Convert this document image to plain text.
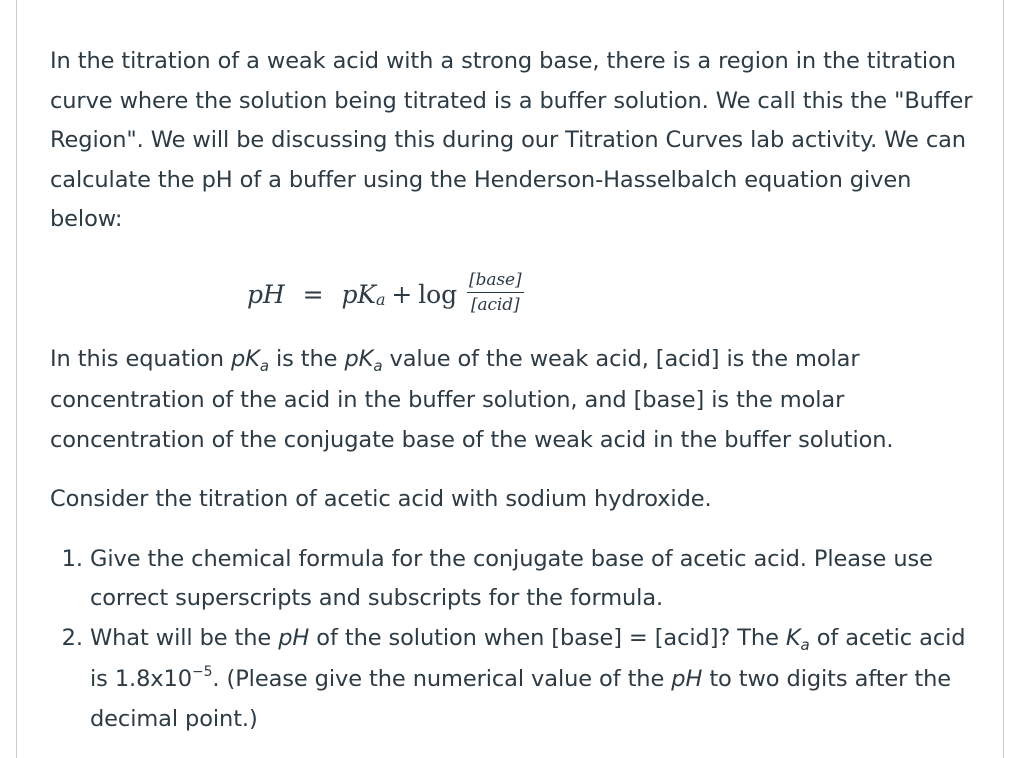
In the titration of a weak acid with a strong base, there is a region in the titration curve where the solution being titrated is a buffer solution. We call this the "Buffer Region". We will be discussing this during our Titration Curves lab activity. We can calculate the pH of a buffer using the Henderson-Hasselbalch equation given below:

pH = pK $a + \log \frac{\text{[base]}}{\text{[acid]}}$

In this equation $pK_a$ is the $pK_a$ value of the weak acid, [acid] is the molar concentration of the acid in the buffer solution, and [base] is the molar concentration of the conjugate base of the weak acid in the buffer solution.

Consider the titration of acetic acid with sodium hydroxide.

1. Give the chemical formula for the conjugate base of acetic acid. Please use correct superscripts and subscripts for the formula.
2. What will be the pH of the solution when [base] = [acid]? The $K_a$ of acetic acid is $1.8x10^{-5}$. (Please give the numerical value of the pH to two digits after the decimal point.)
